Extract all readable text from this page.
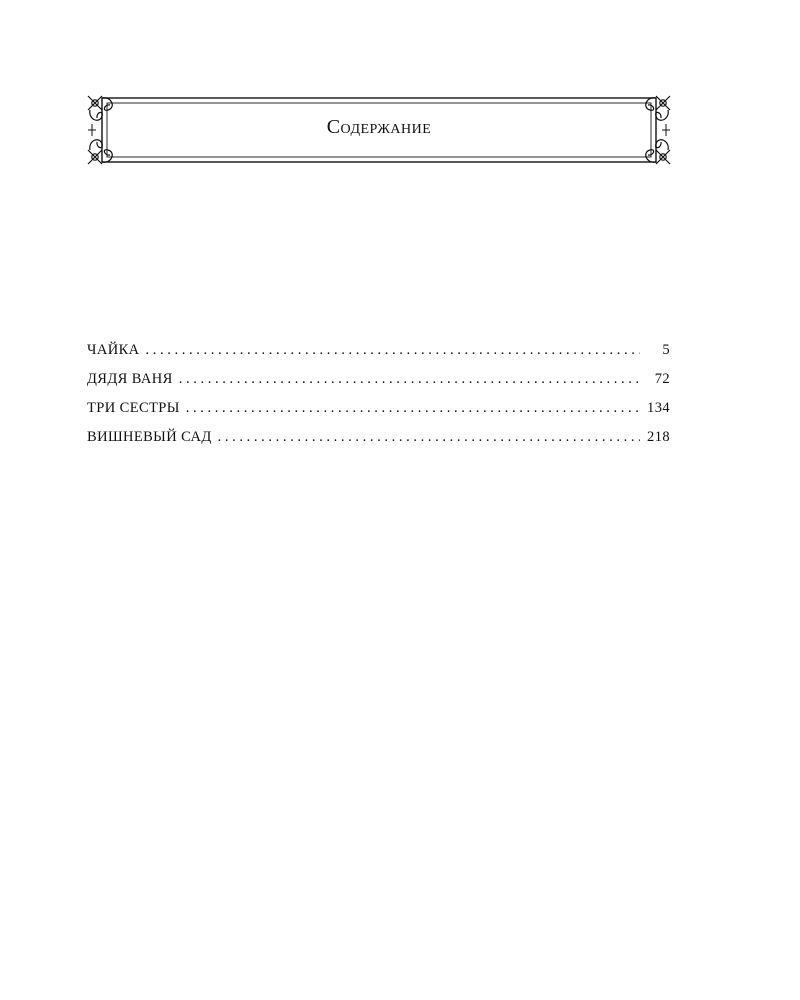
Содержание
ЧАЙКА . . .	5
ДЯДЯ ВАНЯ . . .	72
ТРИ СЕСТРЫ . . .	134
ВИШНЕВЫЙ САД . . .	218
